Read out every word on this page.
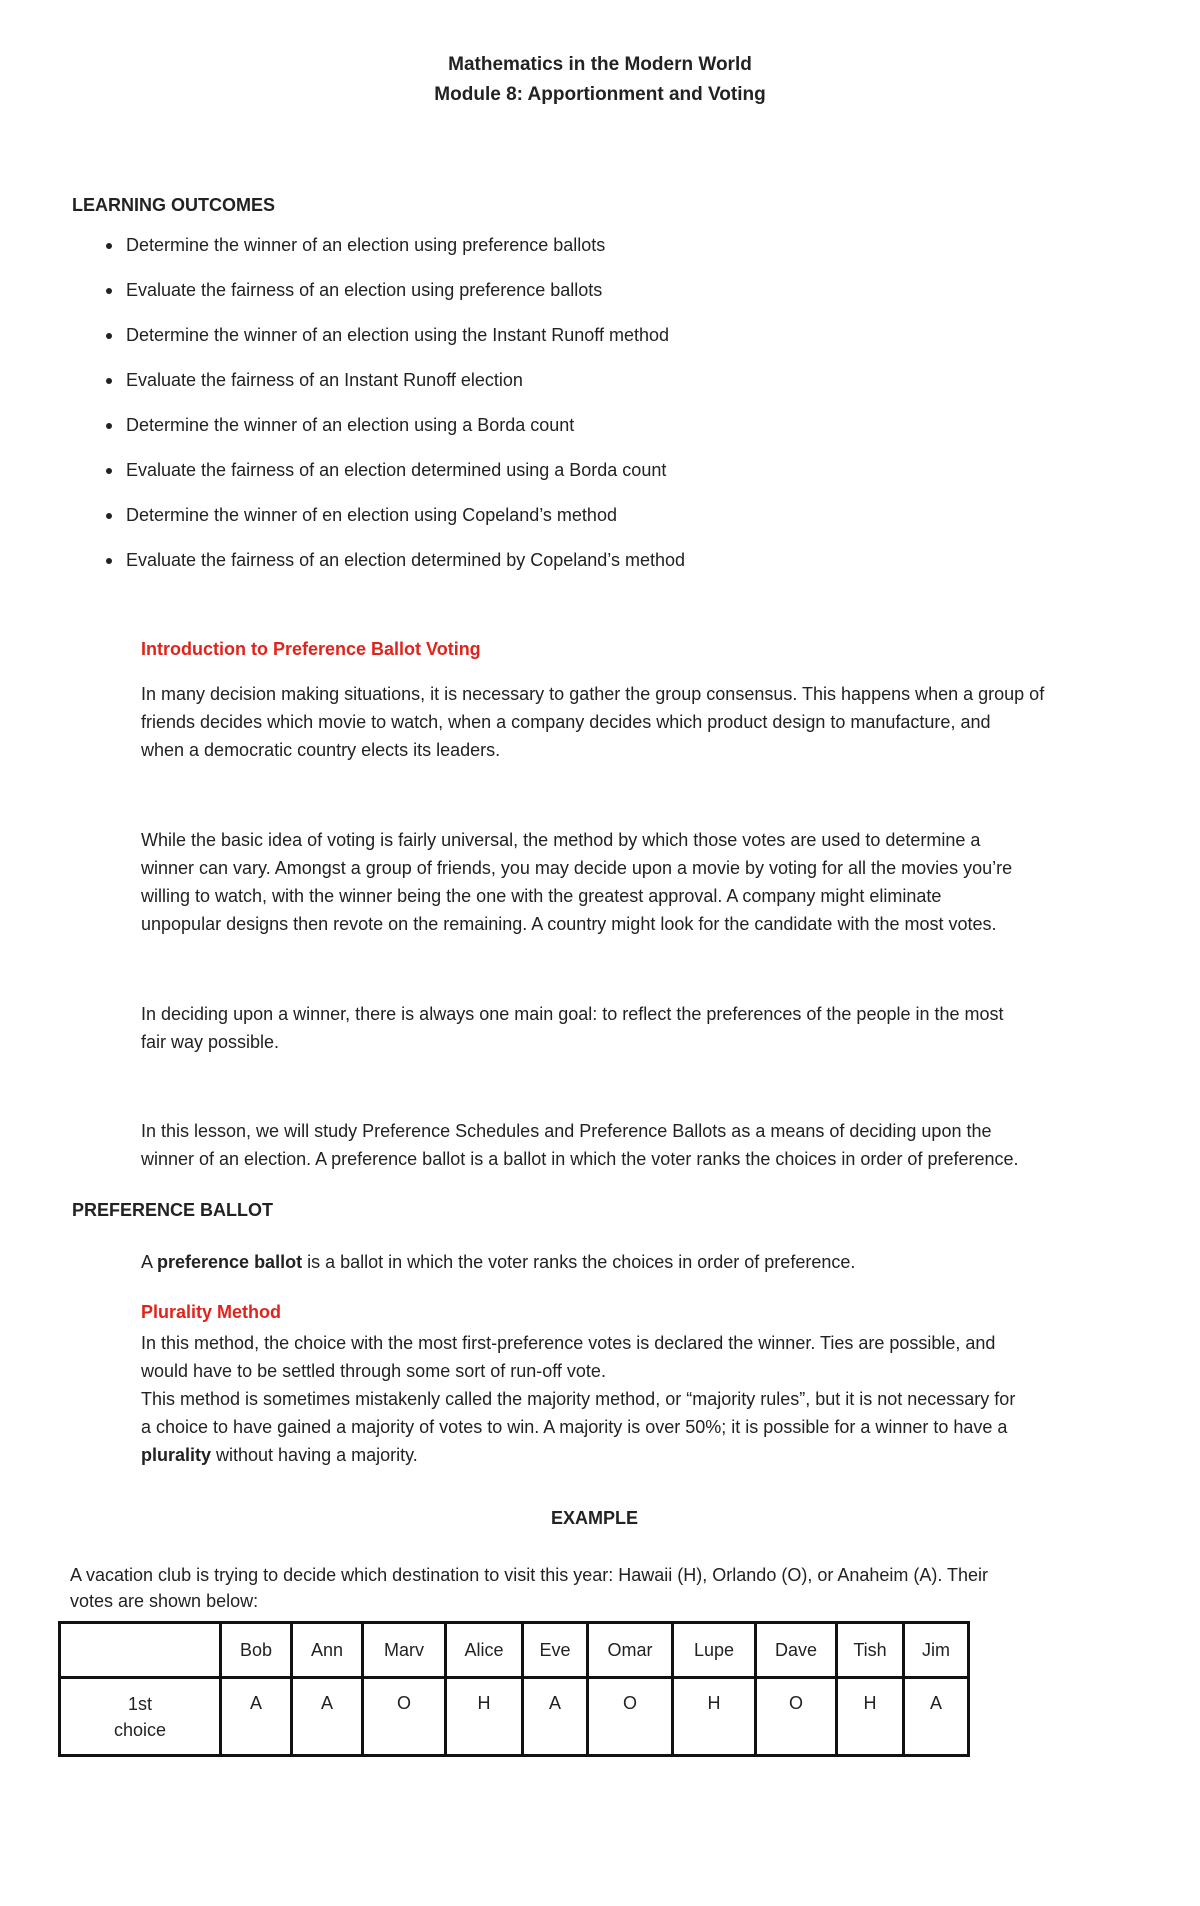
Mathematics in the Modern World
Module 8: Apportionment and Voting
LEARNING OUTCOMES
Determine the winner of an election using preference ballots
Evaluate the fairness of an election using preference ballots
Determine the winner of an election using the Instant Runoff method
Evaluate the fairness of an Instant Runoff election
Determine the winner of an election using a Borda count
Evaluate the fairness of an election determined using a Borda count
Determine the winner of en election using Copeland’s method
Evaluate the fairness of an election determined by Copeland’s method
Introduction to Preference Ballot Voting
In many decision making situations, it is necessary to gather the group consensus. This happens when a group of
friends decides which movie to watch, when a company decides which product design to manufacture, and
when a democratic country elects its leaders.
While the basic idea of voting is fairly universal, the method by which those votes are used to determine a
winner can vary. Amongst a group of friends, you may decide upon a movie by voting for all the movies you’re
willing to watch, with the winner being the one with the greatest approval. A company might eliminate
unpopular designs then revote on the remaining. A country might look for the candidate with the most votes.
In deciding upon a winner, there is always one main goal: to reflect the preferences of the people in the most
fair way possible.
In this lesson, we will study Preference Schedules and Preference Ballots as a means of deciding upon the
winner of an election. A preference ballot is a ballot in which the voter ranks the choices in order of preference.
PREFERENCE BALLOT
A preference ballot is a ballot in which the voter ranks the choices in order of preference.
Plurality Method
In this method, the choice with the most first-preference votes is declared the winner. Ties are possible, and
would have to be settled through some sort of run-off vote.
This method is sometimes mistakenly called the majority method, or “majority rules”, but it is not necessary for
a choice to have gained a majority of votes to win. A majority is over 50%; it is possible for a winner to have a
plurality without having a majority.
EXAMPLE
A vacation club is trying to decide which destination to visit this year: Hawaii (H), Orlando (O), or Anaheim (A). Their
votes are shown below:
	Bob	Ann	Marv	Alice	Eve	Omar	Lupe	Dave	Tish	Jim

1st
choice	A	A	O	H	A	O	H	O	H	A
